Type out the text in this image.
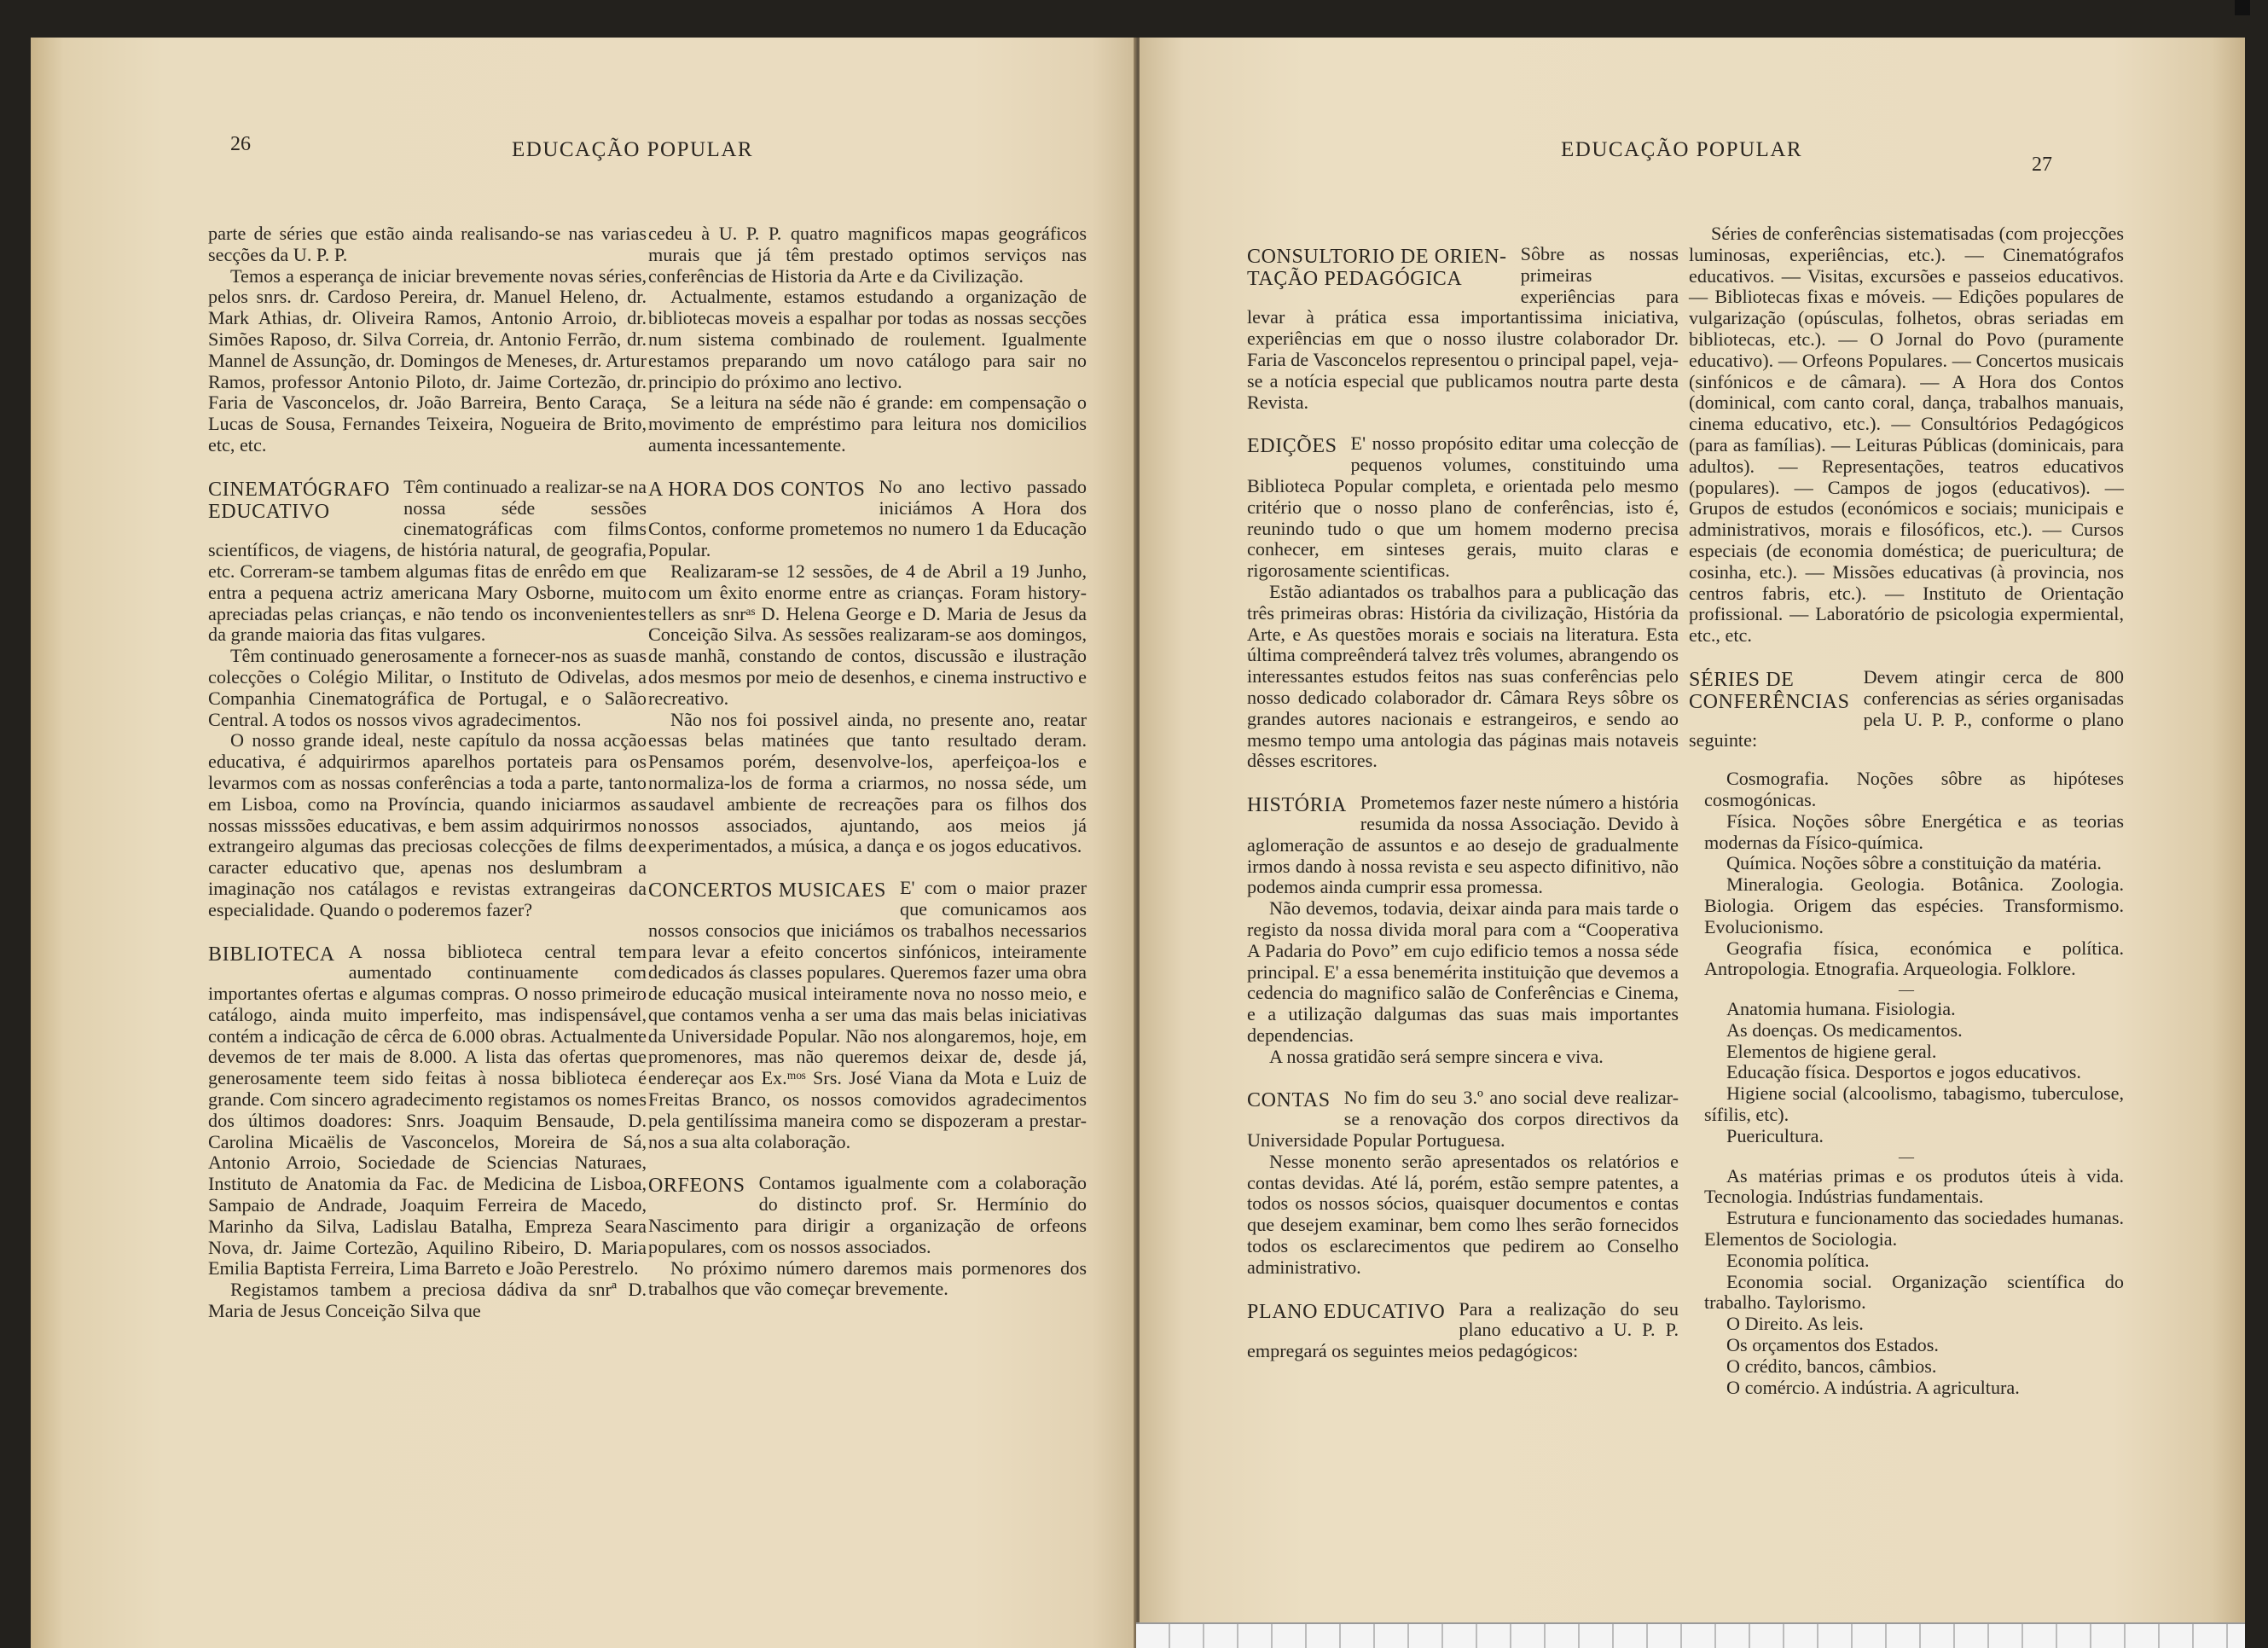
26	EDUCAÇÃO POPULAR

parte de séries que estão ainda realisando-se nas varias secções da U. P. P.

Temos a esperança de iniciar brevemente novas séries, pelos snrs. dr. Cardoso Pereira, dr. Manuel Heleno, dr. Mark Athias, dr. Oliveira Ramos, Antonio Arroio, dr. Simões Raposo, dr. Silva Correia, dr. Antonio Ferrão, dr. Mannel de Assunção, dr. Domingos de Meneses, dr. Artur Ramos, professor Antonio Piloto, dr. Jaime Cortezão, dr. Faria de Vasconcelos, dr. João Barreira, Bento Caraça, Lucas de Sousa, Fernandes Teixeira, Nogueira de Brito, etc, etc.

CINEMATÓGRAFO
EDUCATIVO

Têm continuado a realizar-se na nossa séde sessões cinematográficas com films scientíficos, de viagens, de história natural, de geografia, etc. Correram-se tambem algumas fitas de enrêdo em que entra a pequena actriz americana Mary Osborne, muito apreciadas pelas crianças, e não tendo os inconvenientes da grande maioria das fitas vulgares.

Têm continuado generosamente a fornecer-nos as suas colecções o Colégio Militar, o Instituto de Odivelas, a Companhia Cinematográfica de Portugal, e o Salão Central. A todos os nossos vivos agradecimentos.

O nosso grande ideal, neste capítulo da nossa acção educativa, é adquirirmos aparelhos portateis para os levarmos com as nossas conferências a toda a parte, tanto em Lisboa, como na Província, quando iniciarmos as nossas misssões educativas, e bem assim adquirirmos no extrangeiro algumas das preciosas colecções de films de caracter educativo que, apenas nos deslumbram a imaginação nos catálagos e revistas extrangeiras da especialidade. Quando o poderemos fazer?

BIBLIOTECA A nossa biblioteca central tem aumentado continuamente com importantes ofertas e algumas compras. O nosso primeiro catálogo, ainda muito imperfeito, mas indispensável, contém a indicação de cêrca de 6.000 obras. Actualmente devemos de ter mais de 8.000. A lista das ofertas que generosamente teem sido feitas à nossa biblioteca é grande. Com sincero agradecimento registamos os nomes dos últimos doadores: Snrs. Joaquim Bensaude, D. Carolina Micaëlis de Vasconcelos, Moreira de Sá, Antonio Arroio, Sociedade de Sciencias Naturaes, Instituto de Anatomia da Fac. de Medicina de Lisboa, Sampaio de Andrade, Joaquim Ferreira de Macedo, Marinho da Silva, Ladislau Batalha, Empreza Seara Nova, dr. Jaime Cortezão, Aquilino Ribeiro, D. Maria Emilia Baptista Ferreira, Lima Barreto e João Perestrelo.

Registamos tambem a preciosa dádiva da snrª D. Maria de Jesus Conceição Silva que

cedeu à U. P. P. quatro magnificos mapas geográficos murais que já têm prestado optimos serviços nas conferências de Historia da Arte e da Civilização.

Actualmente, estamos estudando a organização de bibliotecas moveis a espalhar por todas as nossas secções num sistema combinado de roulement. Igualmente estamos preparando um novo catálogo para sair no principio do próximo ano lectivo.

Se a leitura na séde não é grande: em compensação o movimento de empréstimo para leitura nos domicilios aumenta incessantemente.

A HORA DOS CONTOS No ano lectivo passado iniciámos A Hora dos Contos, conforme prometemos no numero 1 da Educação Popular.

Realizaram-se 12 sessões, de 4 de Abril a 19 Junho, com um êxito enorme entre as crianças. Foram history-tellers as snrᵃˢ D. Helena George e D. Maria de Jesus da Conceição Silva. As sessões realizaram-se aos domingos, de manhã, constando de contos, discussão e ilustração dos mesmos por meio de desenhos, e cinema instructivo e recreativo.

Não nos foi possivel ainda, no presente ano, reatar essas belas matinées que tanto resultado deram. Pensamos porém, desenvolve-los, aperfeiçoa-los e normaliza-los de forma a criarmos, no nossa séde, um saudavel ambiente de recreações para os filhos dos nossos associados, ajuntando, aos meios já experimentados, a música, a dança e os jogos educativos.

CONCERTOS MUSICAES E' com o maior prazer que comunicamos aos nossos consocios que iniciámos os trabalhos necessarios para levar a efeito concertos sinfónicos, inteiramente dedicados ás classes populares. Queremos fazer uma obra de educação musical inteiramente nova no nosso meio, e que contamos venha a ser uma das mais belas iniciativas da Universidade Popular. Não nos alongaremos, hoje, em promenores, mas não queremos deixar de, desde já, endereçar aos Ex.ᵐᵒˢ Srs. José Viana da Mota e Luiz de Freitas Branco, os nossos comovidos agradecimentos pela gentilíssima maneira como se dispozeram a prestar-nos a sua alta colaboração.

ORFEONS Contamos igualmente com a colaboração do distincto prof. Sr. Hermínio do Nascimento para dirigir a organização de orfeons populares, com os nossos associados.

No próximo número daremos mais pormenores dos trabalhos que vão começar brevemente.

EDUCAÇÃO POPULAR
27
CONSULTORIO DE ORIEN-
TAÇÃO PEDAGÓGICA

Sôbre as nossas primeiras experiências para levar à prática essa importantissima iniciativa, experiências em que o nosso ilustre colaborador Dr. Faria de Vasconcelos representou o principal papel, veja-se a notícia especial que publicamos noutra parte desta Revista.

EDIÇÕES E' nosso propósito editar uma colecção de pequenos volumes, constituindo uma Biblioteca Popular completa, e orientada pelo mesmo critério que o nosso plano de conferências, isto é, reunindo tudo o que um homem moderno precisa conhecer, em sinteses gerais, muito claras e rigorosamente scientificas.

Estão adiantados os trabalhos para a publicação das três primeiras obras: História da civilização, História da Arte, e As questões morais e sociais na literatura. Esta última compreênderá talvez três volumes, abrangendo os interessantes estudos feitos nas suas conferências pelo nosso dedicado colaborador dr. Câmara Reys sôbre os grandes autores nacionais e estrangeiros, e sendo ao mesmo tempo uma antologia das páginas mais notaveis dêsses escritores.

HISTÓRIA Prometemos fazer neste número a história resumida da nossa Associação. Devido à aglomeração de assuntos e ao desejo de gradualmente irmos dando à nossa revista e seu aspecto difinitivo, não podemos ainda cumprir essa promessa.

Não devemos, todavia, deixar ainda para mais tarde o registo da nossa divida moral para com a “Cooperativa A Padaria do Povo” em cujo edificio temos a nossa séde principal. E' a essa benemérita instituição que devemos a cedencia do magnifico salão de Conferências e Cinema, e a utilização dalgumas das suas mais importantes dependencias.

A nossa gratidão será sempre sincera e viva.

CONTAS No fim do seu 3.º ano social deve realizar-se a renovação dos corpos directivos da Universidade Popular Portuguesa.

Nesse monento serão apresentados os relatórios e contas devidas. Até lá, porém, estão sempre patentes, a todos os nossos sócios, quaisquer documentos e contas que desejem examinar, bem como lhes serão fornecidos todos os esclarecimentos que pedirem ao Conselho administrativo.

PLANO EDUCATIVO Para a realização do seu plano educativo a U. P. P. empregará os seguintes meios pedagógicos:

Séries de conferências sistematisadas (com projecções luminosas, experiências, etc.). — Cinematógrafos educativos. — Visitas, excursões e passeios educativos. — Bibliotecas fixas e móveis. — Edições populares de vulgarização (opúsculas, folhetos, obras seriadas em bibliotecas, etc.). — O Jornal do Povo (puramente educativo). — Orfeons Populares. — Concertos musicais (sinfónicos e de câmara). — A Hora dos Contos (dominical, com canto coral, dança, trabalhos manuais, cinema educativo, etc.). — Consultórios Pedagógicos (para as famílias). — Leituras Públicas (dominicais, para adultos). — Representações, teatros educativos (populares). — Campos de jogos (educativos). — Grupos de estudos (económicos e sociais; municipais e administrativos, morais e filosóficos, etc.). — Cursos especiais (de economia doméstica; de puericultura; de cosinha, etc.). — Missões educativas (à provincia, nos centros fabris, etc.). — Instituto de Orientação profissional. — Laboratório de psicologia expermiental, etc., etc.

SÉRIES DE
CONFERÊNCIAS

Devem atingir cerca de 800 conferencias as séries organisadas pela U. P. P., conforme o plano seguinte:

Cosmografia. Noções sôbre as hipóteses cosmogónicas.

Física. Noções sôbre Energética e as teorias modernas da Físico-química.

Química. Noções sôbre a constituição da matéria.

Mineralogia. Geologia. Botânica. Zoologia. Biologia. Origem das espécies. Transformismo. Evolucionismo.

Geografia física, económica e política. Antropologia. Etnografia. Arqueologia. Folklore.

—

Anatomia humana. Fisiologia.

As doenças. Os medicamentos.

Elementos de higiene geral.

Educação física. Desportos e jogos educativos.

Higiene social (alcoolismo, tabagismo, tuberculose, sífilis, etc).

Puericultura.

—

As matérias primas e os produtos úteis à vida. Tecnologia. Indústrias fundamentais.

Estrutura e funcionamento das sociedades humanas. Elementos de Sociologia.

Economia política.

Economia social. Organização scientífica do trabalho. Taylorismo.

O Direito. As leis.

Os orçamentos dos Estados.

O crédito, bancos, câmbios.

O comércio. A indústria. A agricultura.
